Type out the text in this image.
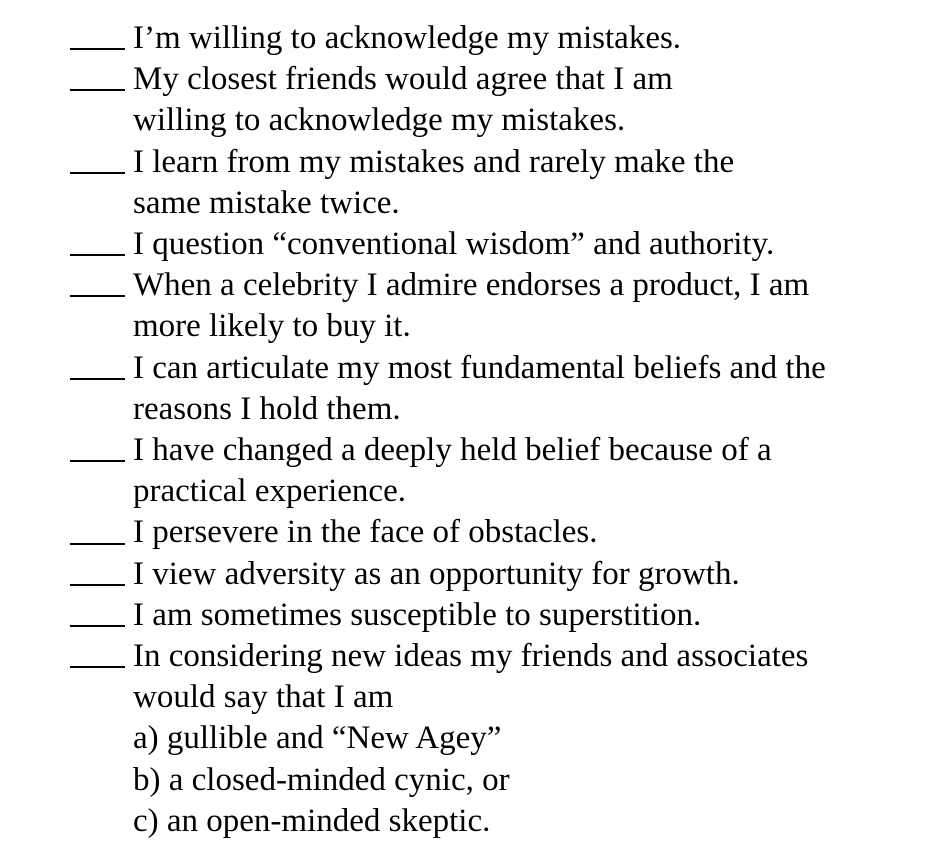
I’m willing to acknowledge my mistakes.
My closest friends would agree that I am
willing to acknowledge my mistakes.
I learn from my mistakes and rarely make the
same mistake twice.
I question “conventional wisdom” and authority.
When a celebrity I admire endorses a product, I am
more likely to buy it.
I can articulate my most fundamental beliefs and the
reasons I hold them.
I have changed a deeply held belief because of a
practical experience.
I persevere in the face of obstacles.
I view adversity as an opportunity for growth.
I am sometimes susceptible to superstition.
In considering new ideas my friends and associates
would say that I am
a) gullible and “New Agey”
b) a closed-minded cynic, or
c) an open-minded skeptic.
